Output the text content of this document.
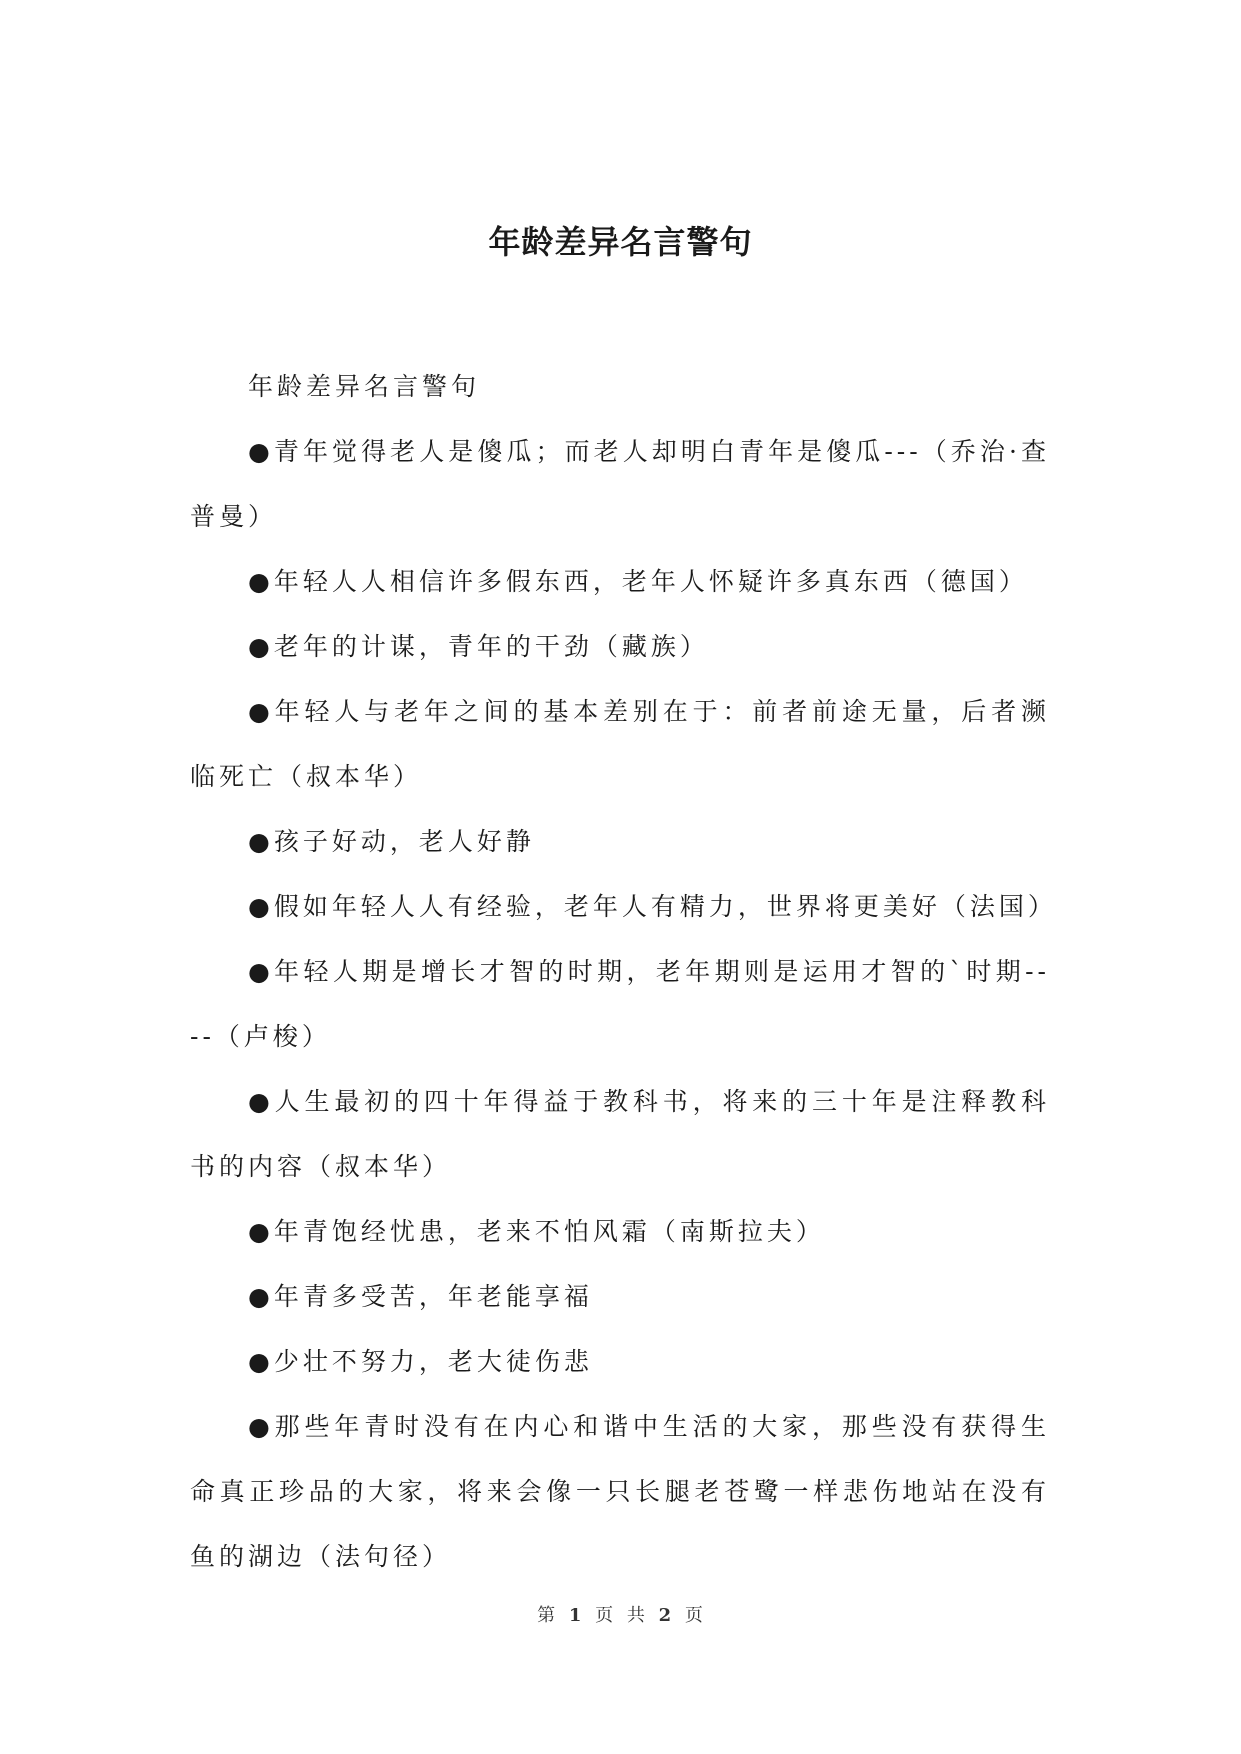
年龄差异名言警句

年龄差异名言警句

●青年觉得老人是傻瓜；而老人却明白青年是傻瓜---（乔治·查普曼）

●年轻人人相信许多假东西，老年人怀疑许多真东西（德国）

●老年的计谋，青年的干劲（藏族）

●年轻人与老年之间的基本差别在于：前者前途无量，后者濒临死亡（叔本华）

●孩子好动，老人好静

●假如年轻人人有经验，老年人有精力，世界将更美好（法国）

●年轻人期是增长才智的时期，老年期则是运用才智的`时期----（卢梭）

●人生最初的四十年得益于教科书，将来的三十年是注释教科书的内容（叔本华）

●年青饱经忧患，老来不怕风霜（南斯拉夫）

●年青多受苦，年老能享福

●少壮不努力，老大徒伤悲

●那些年青时没有在内心和谐中生活的大家，那些没有获得生命真正珍品的大家，将来会像一只长腿老苍鹭一样悲伤地站在没有鱼的湖边（法句径）

第 1 页 共 2 页
